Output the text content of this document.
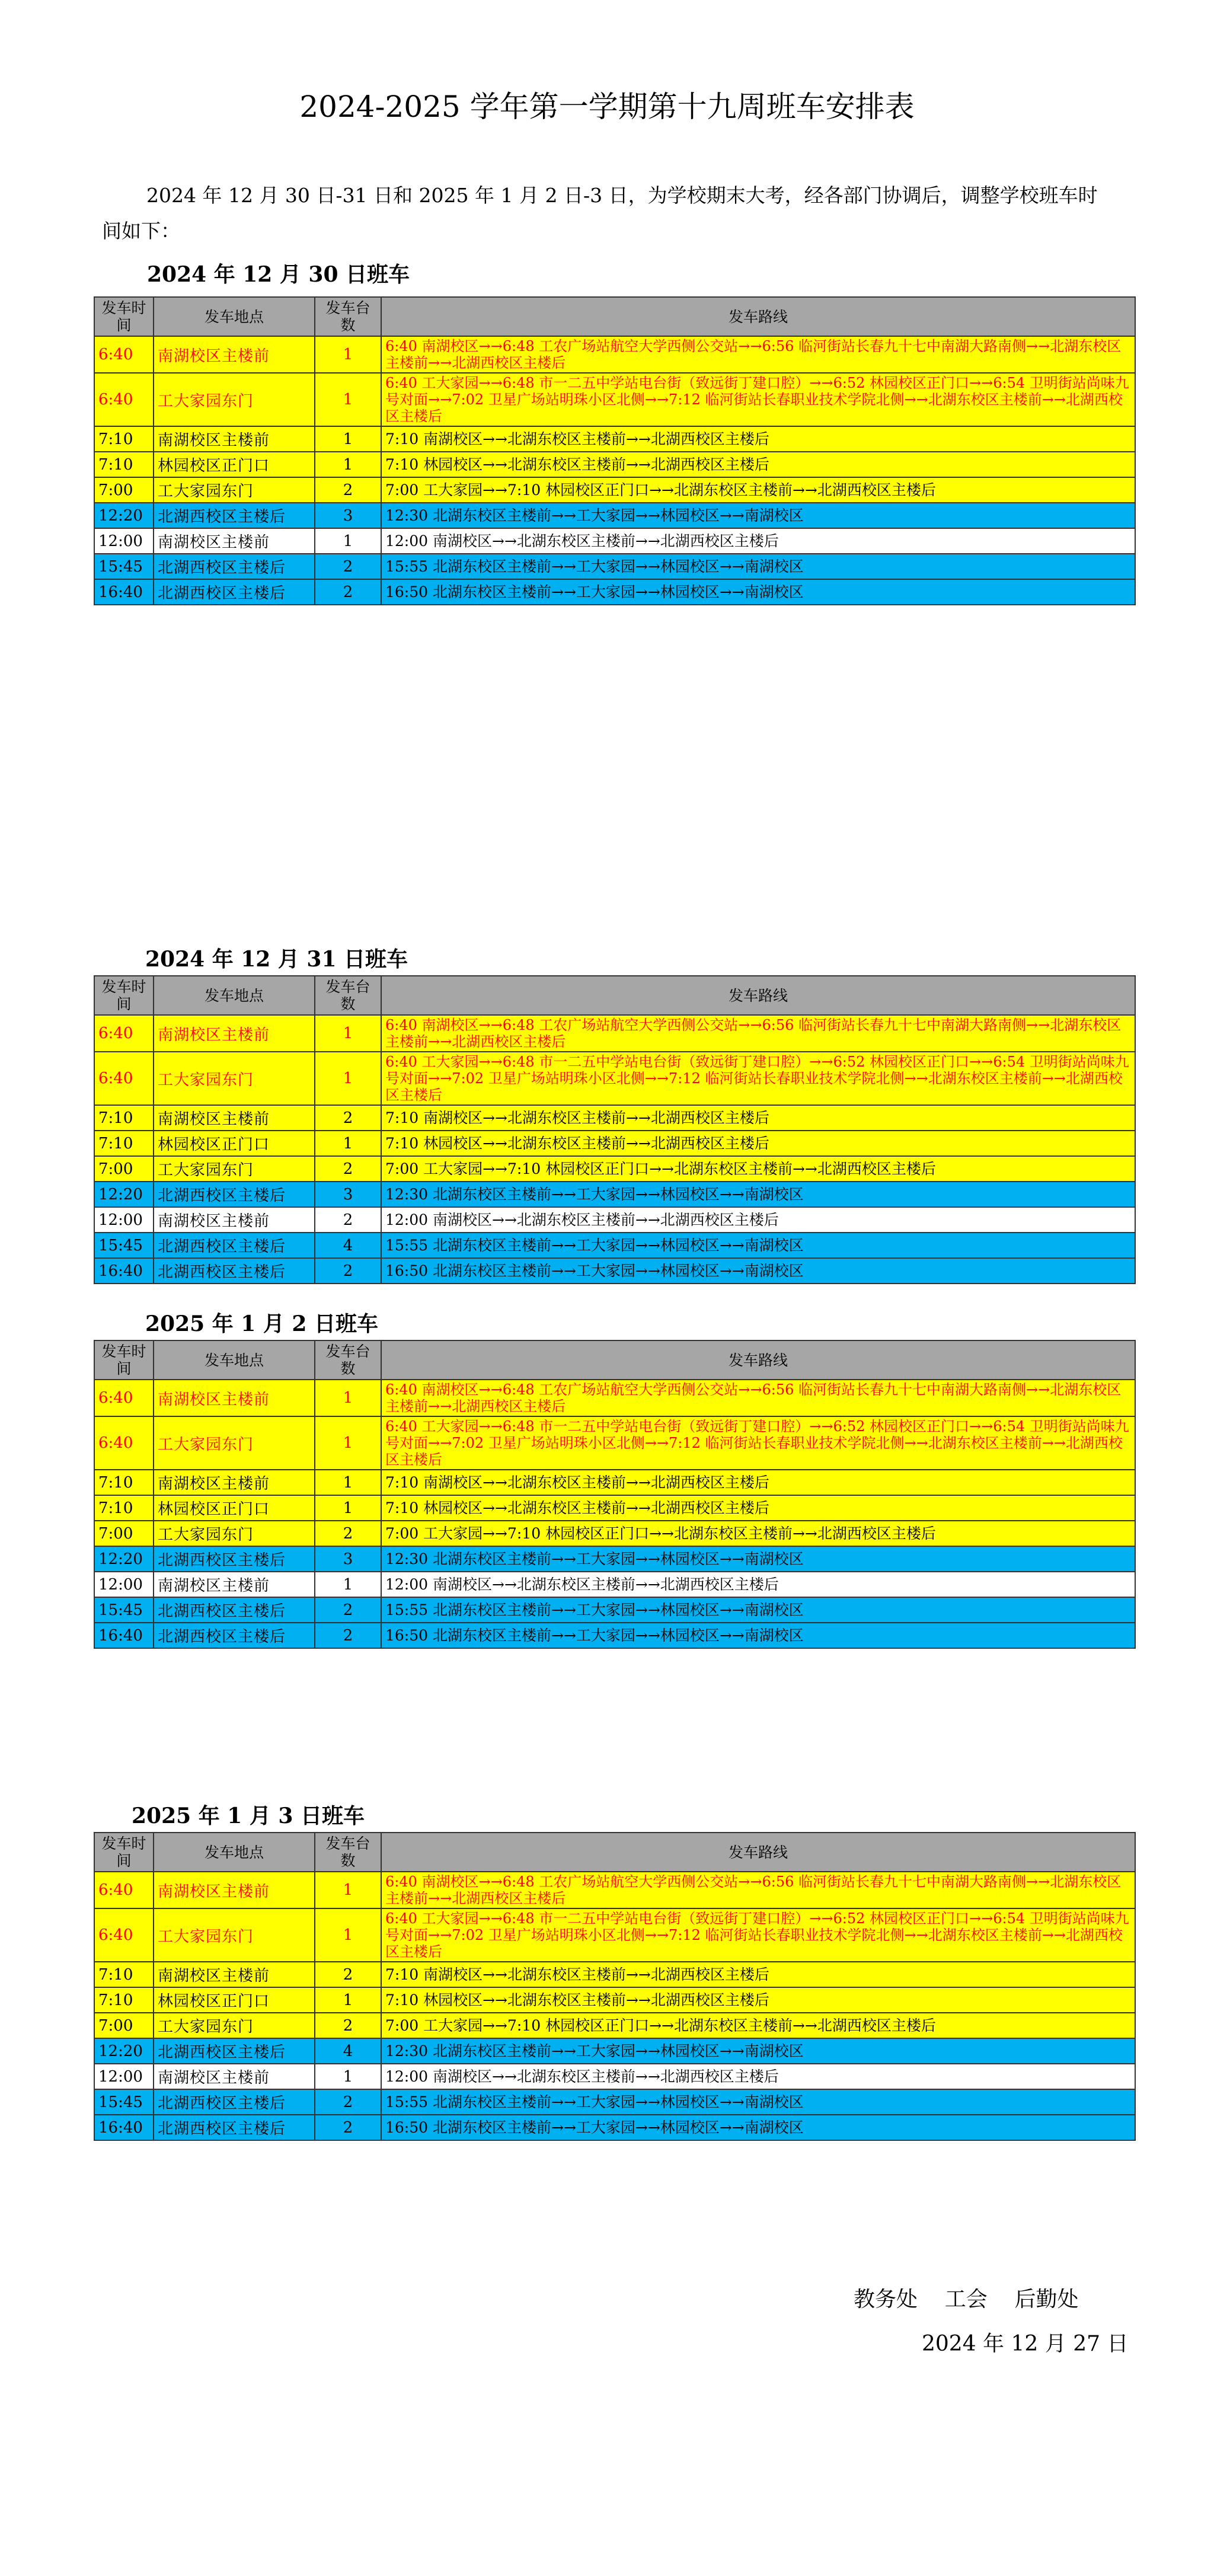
2024-2025 学年第一学期第十九周班车安排表

2024 年 12 月 30 日-31 日和 2025 年 1 月 2 日-3 日，为学校期末大考，经各部门协调后，调整学校班车时间如下：

2024 年 12 月 30 日班车
发车时间	发车地点	发车台数	发车路线
6:40	南湖校区主楼前	1	6:40 南湖校区→→6:48 工农广场站航空大学西侧公交站→→6:56 临河街站长春九十七中南湖大路南侧→→北湖东校区主楼前→→北湖西校区主楼后
6:40	工大家园东门	1	6:40 工大家园→→6:48 市一二五中学站电台街（致远街丁建口腔）→→6:52 林园校区正门口→→6:54 卫明街站尚味九号对面→→7:02 卫星广场站明珠小区北侧→→7:12 临河街站长春职业技术学院北侧→→北湖东校区主楼前→→北湖西校区主楼后
7:10	南湖校区主楼前	1	7:10 南湖校区→→北湖东校区主楼前→→北湖西校区主楼后
7:10	林园校区正门口	1	7:10 林园校区→→北湖东校区主楼前→→北湖西校区主楼后
7:00	工大家园东门	2	7:00 工大家园→→7:10 林园校区正门口→→北湖东校区主楼前→→北湖西校区主楼后
12:20	北湖西校区主楼后	3	12:30 北湖东校区主楼前→→工大家园→→林园校区→→南湖校区
12:00	南湖校区主楼前	1	12:00 南湖校区→→北湖东校区主楼前→→北湖西校区主楼后
15:45	北湖西校区主楼后	2	15:55 北湖东校区主楼前→→工大家园→→林园校区→→南湖校区
16:40	北湖西校区主楼后	2	16:50 北湖东校区主楼前→→工大家园→→林园校区→→南湖校区
2024 年 12 月 31 日班车
发车时间	发车地点	发车台数	发车路线
6:40	南湖校区主楼前	1	6:40 南湖校区→→6:48 工农广场站航空大学西侧公交站→→6:56 临河街站长春九十七中南湖大路南侧→→北湖东校区主楼前→→北湖西校区主楼后
6:40	工大家园东门	1	6:40 工大家园→→6:48 市一二五中学站电台街（致远街丁建口腔）→→6:52 林园校区正门口→→6:54 卫明街站尚味九号对面→→7:02 卫星广场站明珠小区北侧→→7:12 临河街站长春职业技术学院北侧→→北湖东校区主楼前→→北湖西校区主楼后
7:10	南湖校区主楼前	2	7:10 南湖校区→→北湖东校区主楼前→→北湖西校区主楼后
7:10	林园校区正门口	1	7:10 林园校区→→北湖东校区主楼前→→北湖西校区主楼后
7:00	工大家园东门	2	7:00 工大家园→→7:10 林园校区正门口→→北湖东校区主楼前→→北湖西校区主楼后
12:20	北湖西校区主楼后	3	12:30 北湖东校区主楼前→→工大家园→→林园校区→→南湖校区
12:00	南湖校区主楼前	2	12:00 南湖校区→→北湖东校区主楼前→→北湖西校区主楼后
15:45	北湖西校区主楼后	4	15:55 北湖东校区主楼前→→工大家园→→林园校区→→南湖校区
16:40	北湖西校区主楼后	2	16:50 北湖东校区主楼前→→工大家园→→林园校区→→南湖校区
2025 年 1 月 2 日班车
发车时间	发车地点	发车台数	发车路线
6:40	南湖校区主楼前	1	6:40 南湖校区→→6:48 工农广场站航空大学西侧公交站→→6:56 临河街站长春九十七中南湖大路南侧→→北湖东校区主楼前→→北湖西校区主楼后
6:40	工大家园东门	1	6:40 工大家园→→6:48 市一二五中学站电台街（致远街丁建口腔）→→6:52 林园校区正门口→→6:54 卫明街站尚味九号对面→→7:02 卫星广场站明珠小区北侧→→7:12 临河街站长春职业技术学院北侧→→北湖东校区主楼前→→北湖西校区主楼后
7:10	南湖校区主楼前	1	7:10 南湖校区→→北湖东校区主楼前→→北湖西校区主楼后
7:10	林园校区正门口	1	7:10 林园校区→→北湖东校区主楼前→→北湖西校区主楼后
7:00	工大家园东门	2	7:00 工大家园→→7:10 林园校区正门口→→北湖东校区主楼前→→北湖西校区主楼后
12:20	北湖西校区主楼后	3	12:30 北湖东校区主楼前→→工大家园→→林园校区→→南湖校区
12:00	南湖校区主楼前	1	12:00 南湖校区→→北湖东校区主楼前→→北湖西校区主楼后
15:45	北湖西校区主楼后	2	15:55 北湖东校区主楼前→→工大家园→→林园校区→→南湖校区
16:40	北湖西校区主楼后	2	16:50 北湖东校区主楼前→→工大家园→→林园校区→→南湖校区
2025 年 1 月 3 日班车
发车时间	发车地点	发车台数	发车路线
6:40	南湖校区主楼前	1	6:40 南湖校区→→6:48 工农广场站航空大学西侧公交站→→6:56 临河街站长春九十七中南湖大路南侧→→北湖东校区主楼前→→北湖西校区主楼后
6:40	工大家园东门	1	6:40 工大家园→→6:48 市一二五中学站电台街（致远街丁建口腔）→→6:52 林园校区正门口→→6:54 卫明街站尚味九号对面→→7:02 卫星广场站明珠小区北侧→→7:12 临河街站长春职业技术学院北侧→→北湖东校区主楼前→→北湖西校区主楼后
7:10	南湖校区主楼前	2	7:10 南湖校区→→北湖东校区主楼前→→北湖西校区主楼后
7:10	林园校区正门口	1	7:10 林园校区→→北湖东校区主楼前→→北湖西校区主楼后
7:00	工大家园东门	2	7:00 工大家园→→7:10 林园校区正门口→→北湖东校区主楼前→→北湖西校区主楼后
12:20	北湖西校区主楼后	4	12:30 北湖东校区主楼前→→工大家园→→林园校区→→南湖校区
12:00	南湖校区主楼前	1	12:00 南湖校区→→北湖东校区主楼前→→北湖西校区主楼后
15:45	北湖西校区主楼后	2	15:55 北湖东校区主楼前→→工大家园→→林园校区→→南湖校区
16:40	北湖西校区主楼后	2	16:50 北湖东校区主楼前→→工大家园→→林园校区→→南湖校区

教务处    工会    后勤处

2024 年 12 月 27 日
